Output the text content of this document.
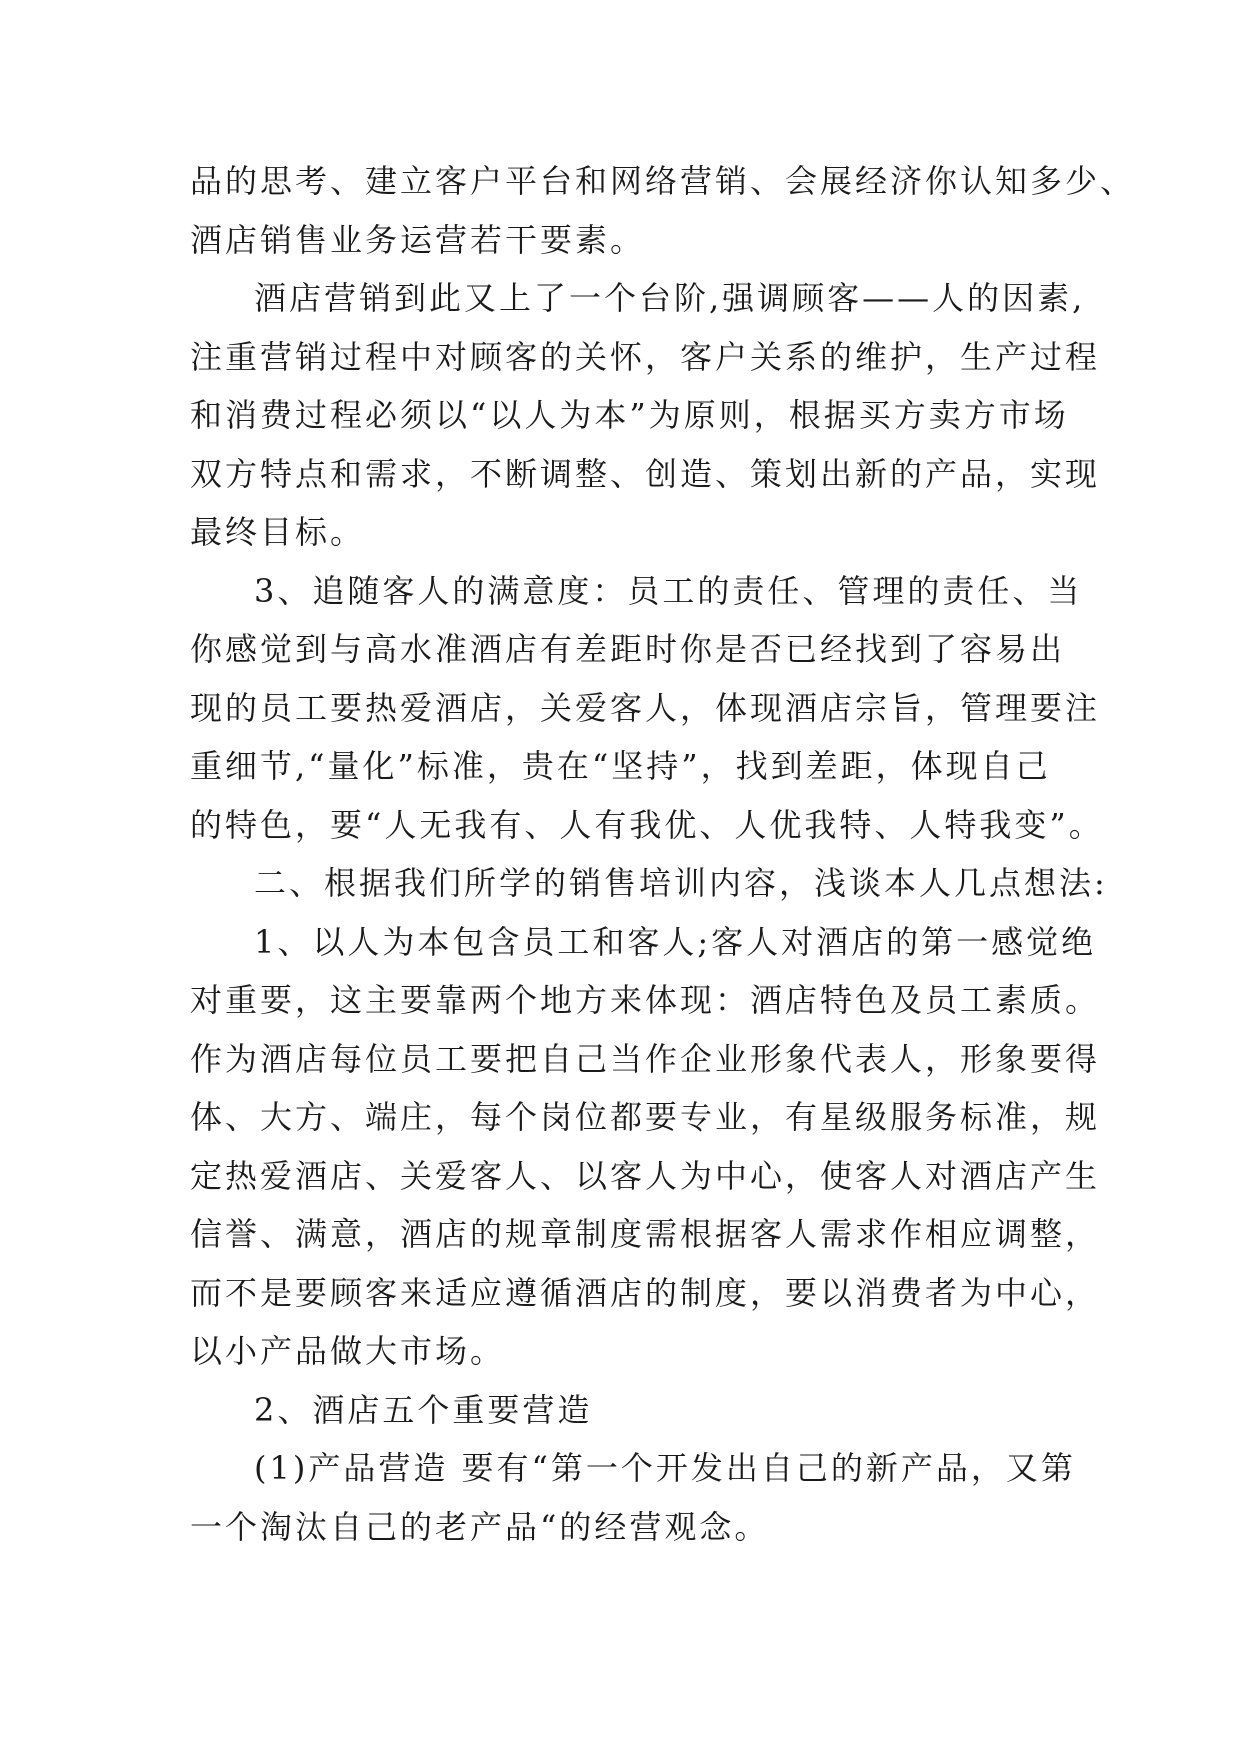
品的思考、建立客户平台和网络营销、会展经济你认知多少、
酒店销售业务运营若干要素。
酒店营销到此又上了一个台阶,强调顾客——人的因素,
注重营销过程中对顾客的关怀，客户关系的维护，生产过程
和消费过程必须以“以人为本”为原则，根据买方卖方市场
双方特点和需求，不断调整、创造、策划出新的产品，实现
最终目标。
3、追随客人的满意度：员工的责任、管理的责任、当
你感觉到与高水准酒店有差距时你是否已经找到了容易出
现的员工要热爱酒店，关爱客人，体现酒店宗旨，管理要注
重细节,“量化”标准，贵在“坚持”，找到差距，体现自己
的特色，要“人无我有、人有我优、人优我特、人特我变”。
二、根据我们所学的销售培训内容，浅谈本人几点想法:
1、以人为本包含员工和客人;客人对酒店的第一感觉绝
对重要，这主要靠两个地方来体现：酒店特色及员工素质。
作为酒店每位员工要把自己当作企业形象代表人，形象要得
体、大方、端庄，每个岗位都要专业，有星级服务标准，规
定热爱酒店、关爱客人、以客人为中心，使客人对酒店产生
信誉、满意，酒店的规章制度需根据客人需求作相应调整，
而不是要顾客来适应遵循酒店的制度，要以消费者为中心，
以小产品做大市场。
2、酒店五个重要营造
(1)产品营造 要有“第一个开发出自己的新产品，又第
一个淘汰自己的老产品“的经营观念。
